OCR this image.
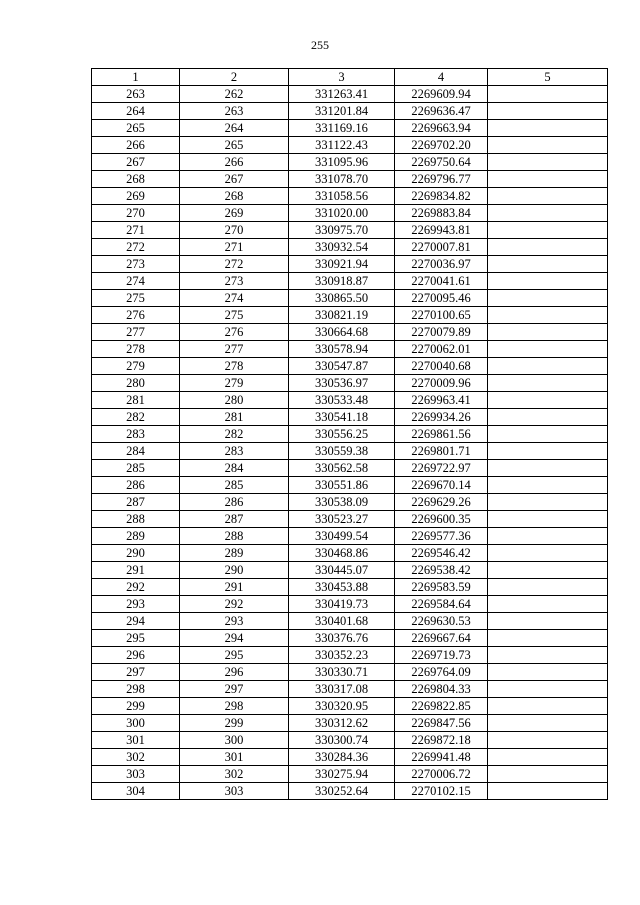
255
1	2	3	4	5
263	262	331263.41	2269609.94	
264	263	331201.84	2269636.47	
265	264	331169.16	2269663.94	
266	265	331122.43	2269702.20	
267	266	331095.96	2269750.64	
268	267	331078.70	2269796.77	
269	268	331058.56	2269834.82	
270	269	331020.00	2269883.84	
271	270	330975.70	2269943.81	
272	271	330932.54	2270007.81	
273	272	330921.94	2270036.97	
274	273	330918.87	2270041.61	
275	274	330865.50	2270095.46	
276	275	330821.19	2270100.65	
277	276	330664.68	2270079.89	
278	277	330578.94	2270062.01	
279	278	330547.87	2270040.68	
280	279	330536.97	2270009.96	
281	280	330533.48	2269963.41	
282	281	330541.18	2269934.26	
283	282	330556.25	2269861.56	
284	283	330559.38	2269801.71	
285	284	330562.58	2269722.97	
286	285	330551.86	2269670.14	
287	286	330538.09	2269629.26	
288	287	330523.27	2269600.35	
289	288	330499.54	2269577.36	
290	289	330468.86	2269546.42	
291	290	330445.07	2269538.42	
292	291	330453.88	2269583.59	
293	292	330419.73	2269584.64	
294	293	330401.68	2269630.53	
295	294	330376.76	2269667.64	
296	295	330352.23	2269719.73	
297	296	330330.71	2269764.09	
298	297	330317.08	2269804.33	
299	298	330320.95	2269822.85	
300	299	330312.62	2269847.56	
301	300	330300.74	2269872.18	
302	301	330284.36	2269941.48	
303	302	330275.94	2270006.72	
304	303	330252.64	2270102.15	
